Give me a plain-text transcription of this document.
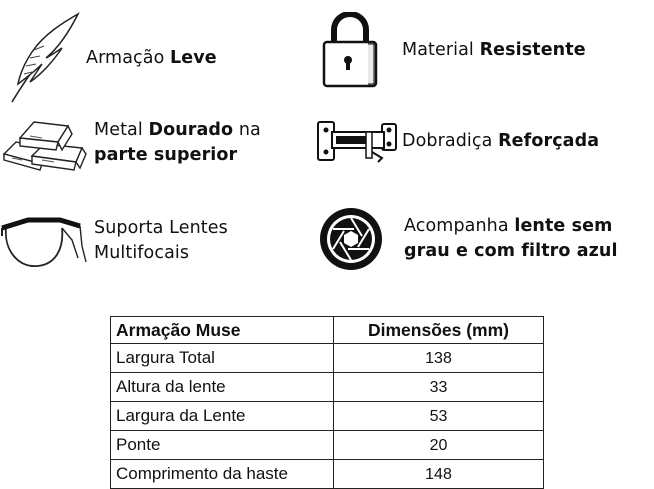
Armação Leve	Material Resistente
Metal Dourado na
parte superior
Dobradiça Reforçada
Suporta Lentes
Multifocais
Acompanha lente sem
grau e com filtro azul
Armação Muse	Dimensões (mm)
Largura Total	138
Altura da lente	33
Largura da Lente	53
Ponte	20
Comprimento da haste	148
